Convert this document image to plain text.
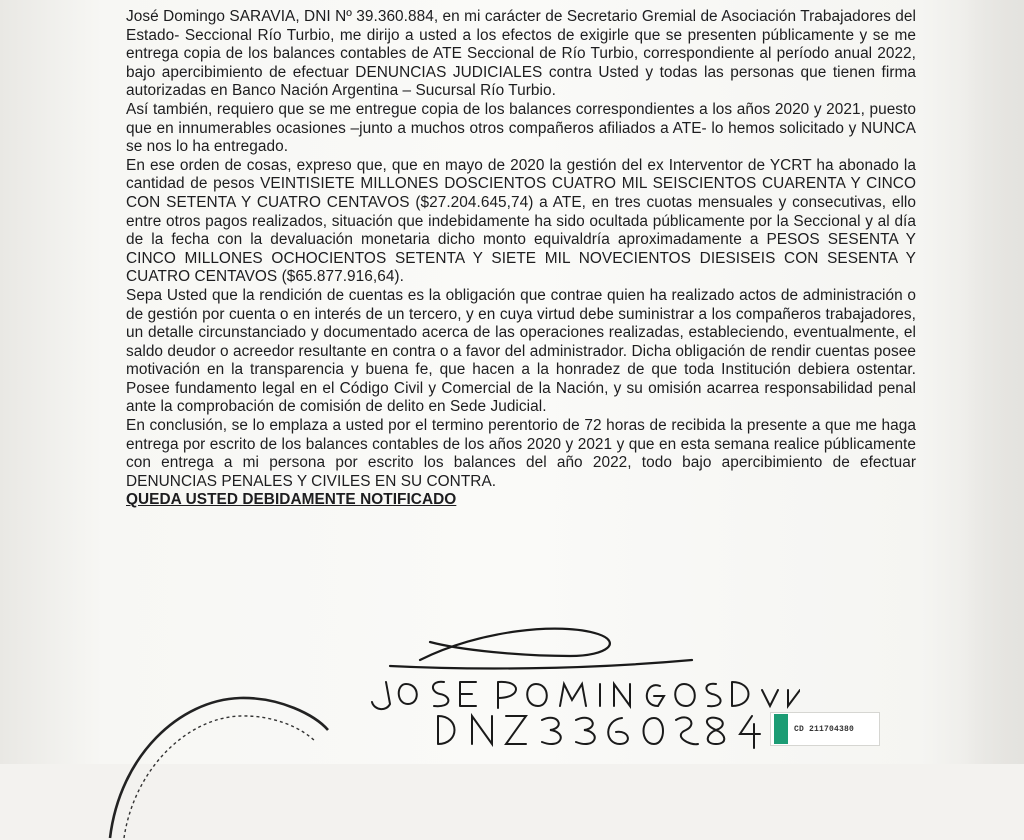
José Domingo SARAVIA, DNI Nº 39.360.884, en mi carácter de Secretario Gremial de Asociación Trabajadores del Estado- Seccional Río Turbio, me dirijo a usted a los efectos de exigirle que se presenten públicamente y se me entrega copia de los balances contables de ATE Seccional de Río Turbio, correspondiente al período anual 2022, bajo apercibimiento de efectuar DENUNCIAS JUDICIALES contra Usted y todas las personas que tienen firma autorizadas en Banco Nación Argentina – Sucursal Río Turbio.

Así también, requiero que se me entregue copia de los balances correspondientes a los años 2020 y 2021, puesto que en innumerables ocasiones –junto a muchos otros compañeros afiliados a ATE- lo hemos solicitado y NUNCA se nos lo ha entregado.

En ese orden de cosas, expreso que, que en mayo de 2020 la gestión del ex Interventor de YCRT ha abonado la cantidad de pesos VEINTISIETE MILLONES DOSCIENTOS CUATRO MIL SEISCIENTOS CUARENTA Y CINCO CON SETENTA Y CUATRO CENTAVOS ($27.204.645,74) a ATE, en tres cuotas mensuales y consecutivas, ello entre otros pagos realizados, situación que indebidamente ha sido ocultada públicamente por la Seccional y al día de la fecha con la devaluación monetaria dicho monto equivaldría aproximadamente a PESOS SESENTA Y CINCO MILLONES OCHOCIENTOS SETENTA Y SIETE MIL NOVECIENTOS DIESISEIS CON SESENTA Y CUATRO CENTAVOS ($65.877.916,64).

Sepa Usted que la rendición de cuentas es la obligación que contrae quien ha realizado actos de administración o de gestión por cuenta o en interés de un tercero, y en cuya virtud debe suministrar a los compañeros trabajadores, un detalle circunstanciado y documentado acerca de las operaciones realizadas, estableciendo, eventualmente, el saldo deudor o acreedor resultante en contra o a favor del administrador. Dicha obligación de rendir cuentas posee motivación en la transparencia y buena fe, que hacen a la honradez de que toda Institución debiera ostentar. Posee fundamento legal en el Código Civil y Comercial de la Nación, y su omisión acarrea responsabilidad penal ante la comprobación de comisión de delito en Sede Judicial.

En conclusión, se lo emplaza a usted por el termino perentorio de 72 horas de recibida la presente a que me haga entrega por escrito de los balances contables de los años 2020 y 2021 y que en esta semana realice públicamente con entrega a mi persona por escrito los balances del año 2022, todo bajo apercibimiento de efectuar DENUNCIAS PENALES Y CIVILES EN SU CONTRA.

QUEDA USTED DEBIDAMENTE NOTIFICADO
CD 211704380
